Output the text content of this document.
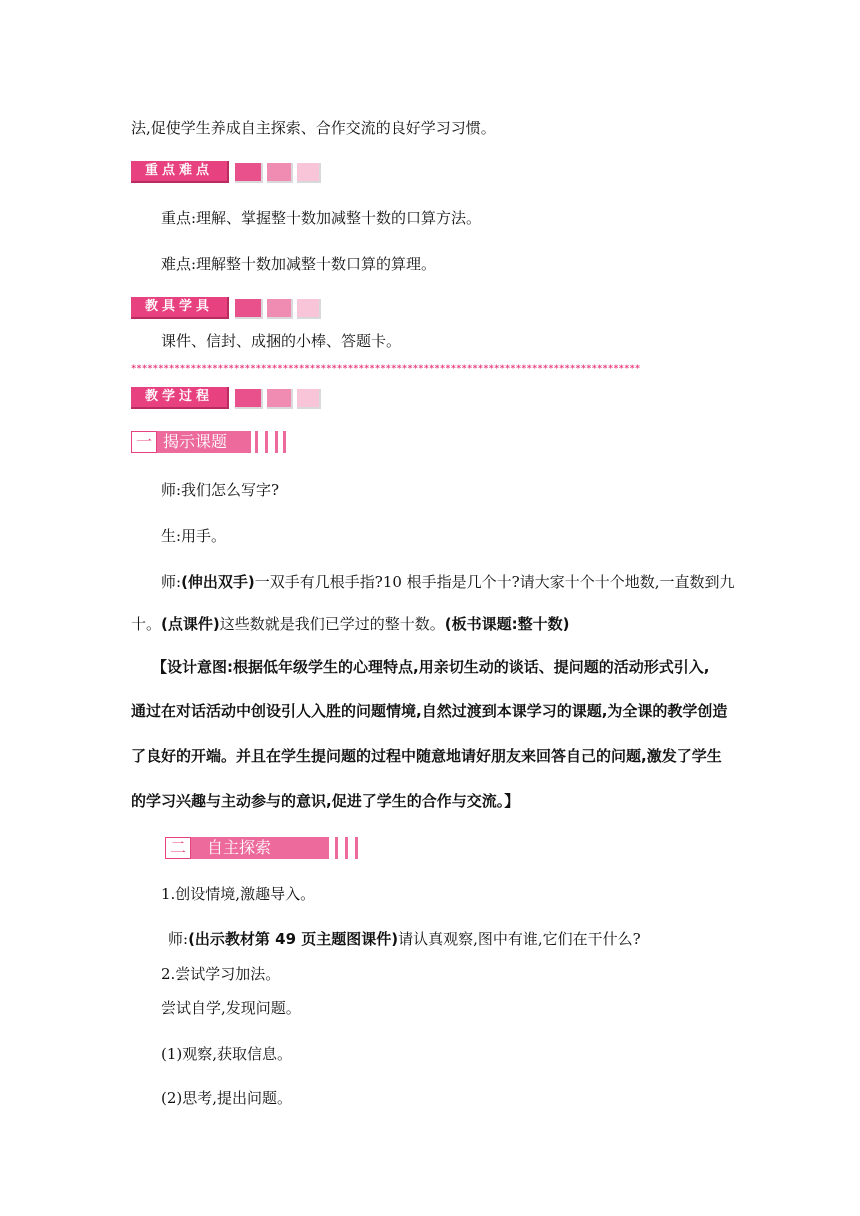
法,促使学生养成自主探索、合作交流的良好学习习惯。
重点难点
重点:理解、掌握整十数加减整十数的口算方法。
难点:理解整十数加减整十数口算的算理。
教具学具
课件、信封、成捆的小棒、答题卡。
**********************************************************************************************
教学过程
一 揭示课题
师:我们怎么写字?
生:用手。
师:(伸出双手)一双手有几根手指?10 根手指是几个十?请大家十个十个地数,一直数到九
十。(点课件)这些数就是我们已学过的整十数。(板书课题:整十数)
【设计意图:根据低年级学生的心理特点,用亲切生动的谈话、提问题的活动形式引入,
通过在对话活动中创设引人入胜的问题情境,自然过渡到本课学习的课题,为全课的教学创造
了良好的开端。并且在学生提问题的过程中随意地请好朋友来回答自己的问题,激发了学生
的学习兴趣与主动参与的意识,促进了学生的合作与交流。】
二	自主探索
1.创设情境,激趣导入。
师:(出示教材第 49 页主题图课件)请认真观察,图中有谁,它们在干什么?
2.尝试学习加法。
尝试自学,发现问题。
(1)观察,获取信息。
(2)思考,提出问题。
